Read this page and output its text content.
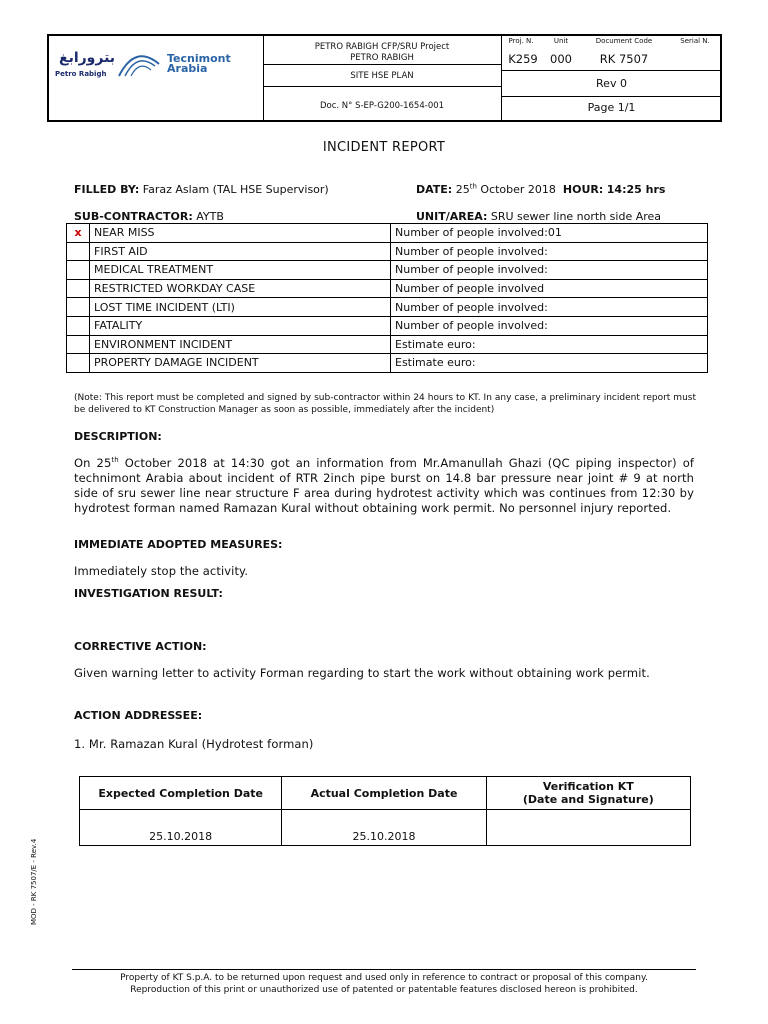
بترورابغ
Petro Rabigh
Tecnimont
Arabia
PETRO RABIGH CFP/SRU Project
PETRO RABIGH
SITE HSE PLAN
Doc. N° S-EP-G200-1654-001
Proj. N.	Unit	Document Code	Serial N.
K259	000	RK 7507
Rev 0
Page 1/1
INCIDENT REPORT
FILLED BY: Faraz Aslam (TAL HSE Supervisor)	DATE: 25th October 2018 HOUR: 14:25 hrs
SUB-CONTRACTOR: AYTB	UNIT/AREA: SRU sewer line north side Area
x	NEAR MISS	Number of people involved:01
	FIRST AID	Number of people involved:
	MEDICAL TREATMENT	Number of people involved:
	RESTRICTED WORKDAY CASE	Number of people involved
	LOST TIME INCIDENT (LTI)	Number of people involved:
	FATALITY	Number of people involved:
	ENVIRONMENT INCIDENT	Estimate euro:
	PROPERTY DAMAGE INCIDENT	Estimate euro:
(Note: This report must be completed and signed by sub-contractor within 24 hours to KT. In any case, a preliminary incident report must be delivered to KT Construction Manager as soon as possible, immediately after the incident)
DESCRIPTION:
On 25th October 2018 at 14:30 got an information from Mr.Amanullah Ghazi (QC piping inspector) of technimont Arabia about incident of RTR 2inch pipe burst on 14.8 bar pressure near joint # 9 at north side of sru sewer line near structure F area during hydrotest activity which was continues from 12:30 by hydrotest forman named Ramazan Kural without obtaining work permit. No personnel injury reported.
IMMEDIATE ADOPTED MEASURES:
Immediately stop the activity.
INVESTIGATION RESULT:
CORRECTIVE ACTION:
Given warning letter to activity Forman regarding to start the work without obtaining work permit.
ACTION ADDRESSEE:
1. Mr. Ramazan Kural (Hydrotest forman)
Expected Completion Date	Actual Completion Date	Verification KT
(Date and Signature)

25.10.2018	25.10.2018	
MOD - RK 7507/E - Rev.4
Property of KT S.p.A. to be returned upon request and used only in reference to contract or proposal of this company.
Reproduction of this print or unauthorized use of patented or patentable features disclosed hereon is prohibited.
